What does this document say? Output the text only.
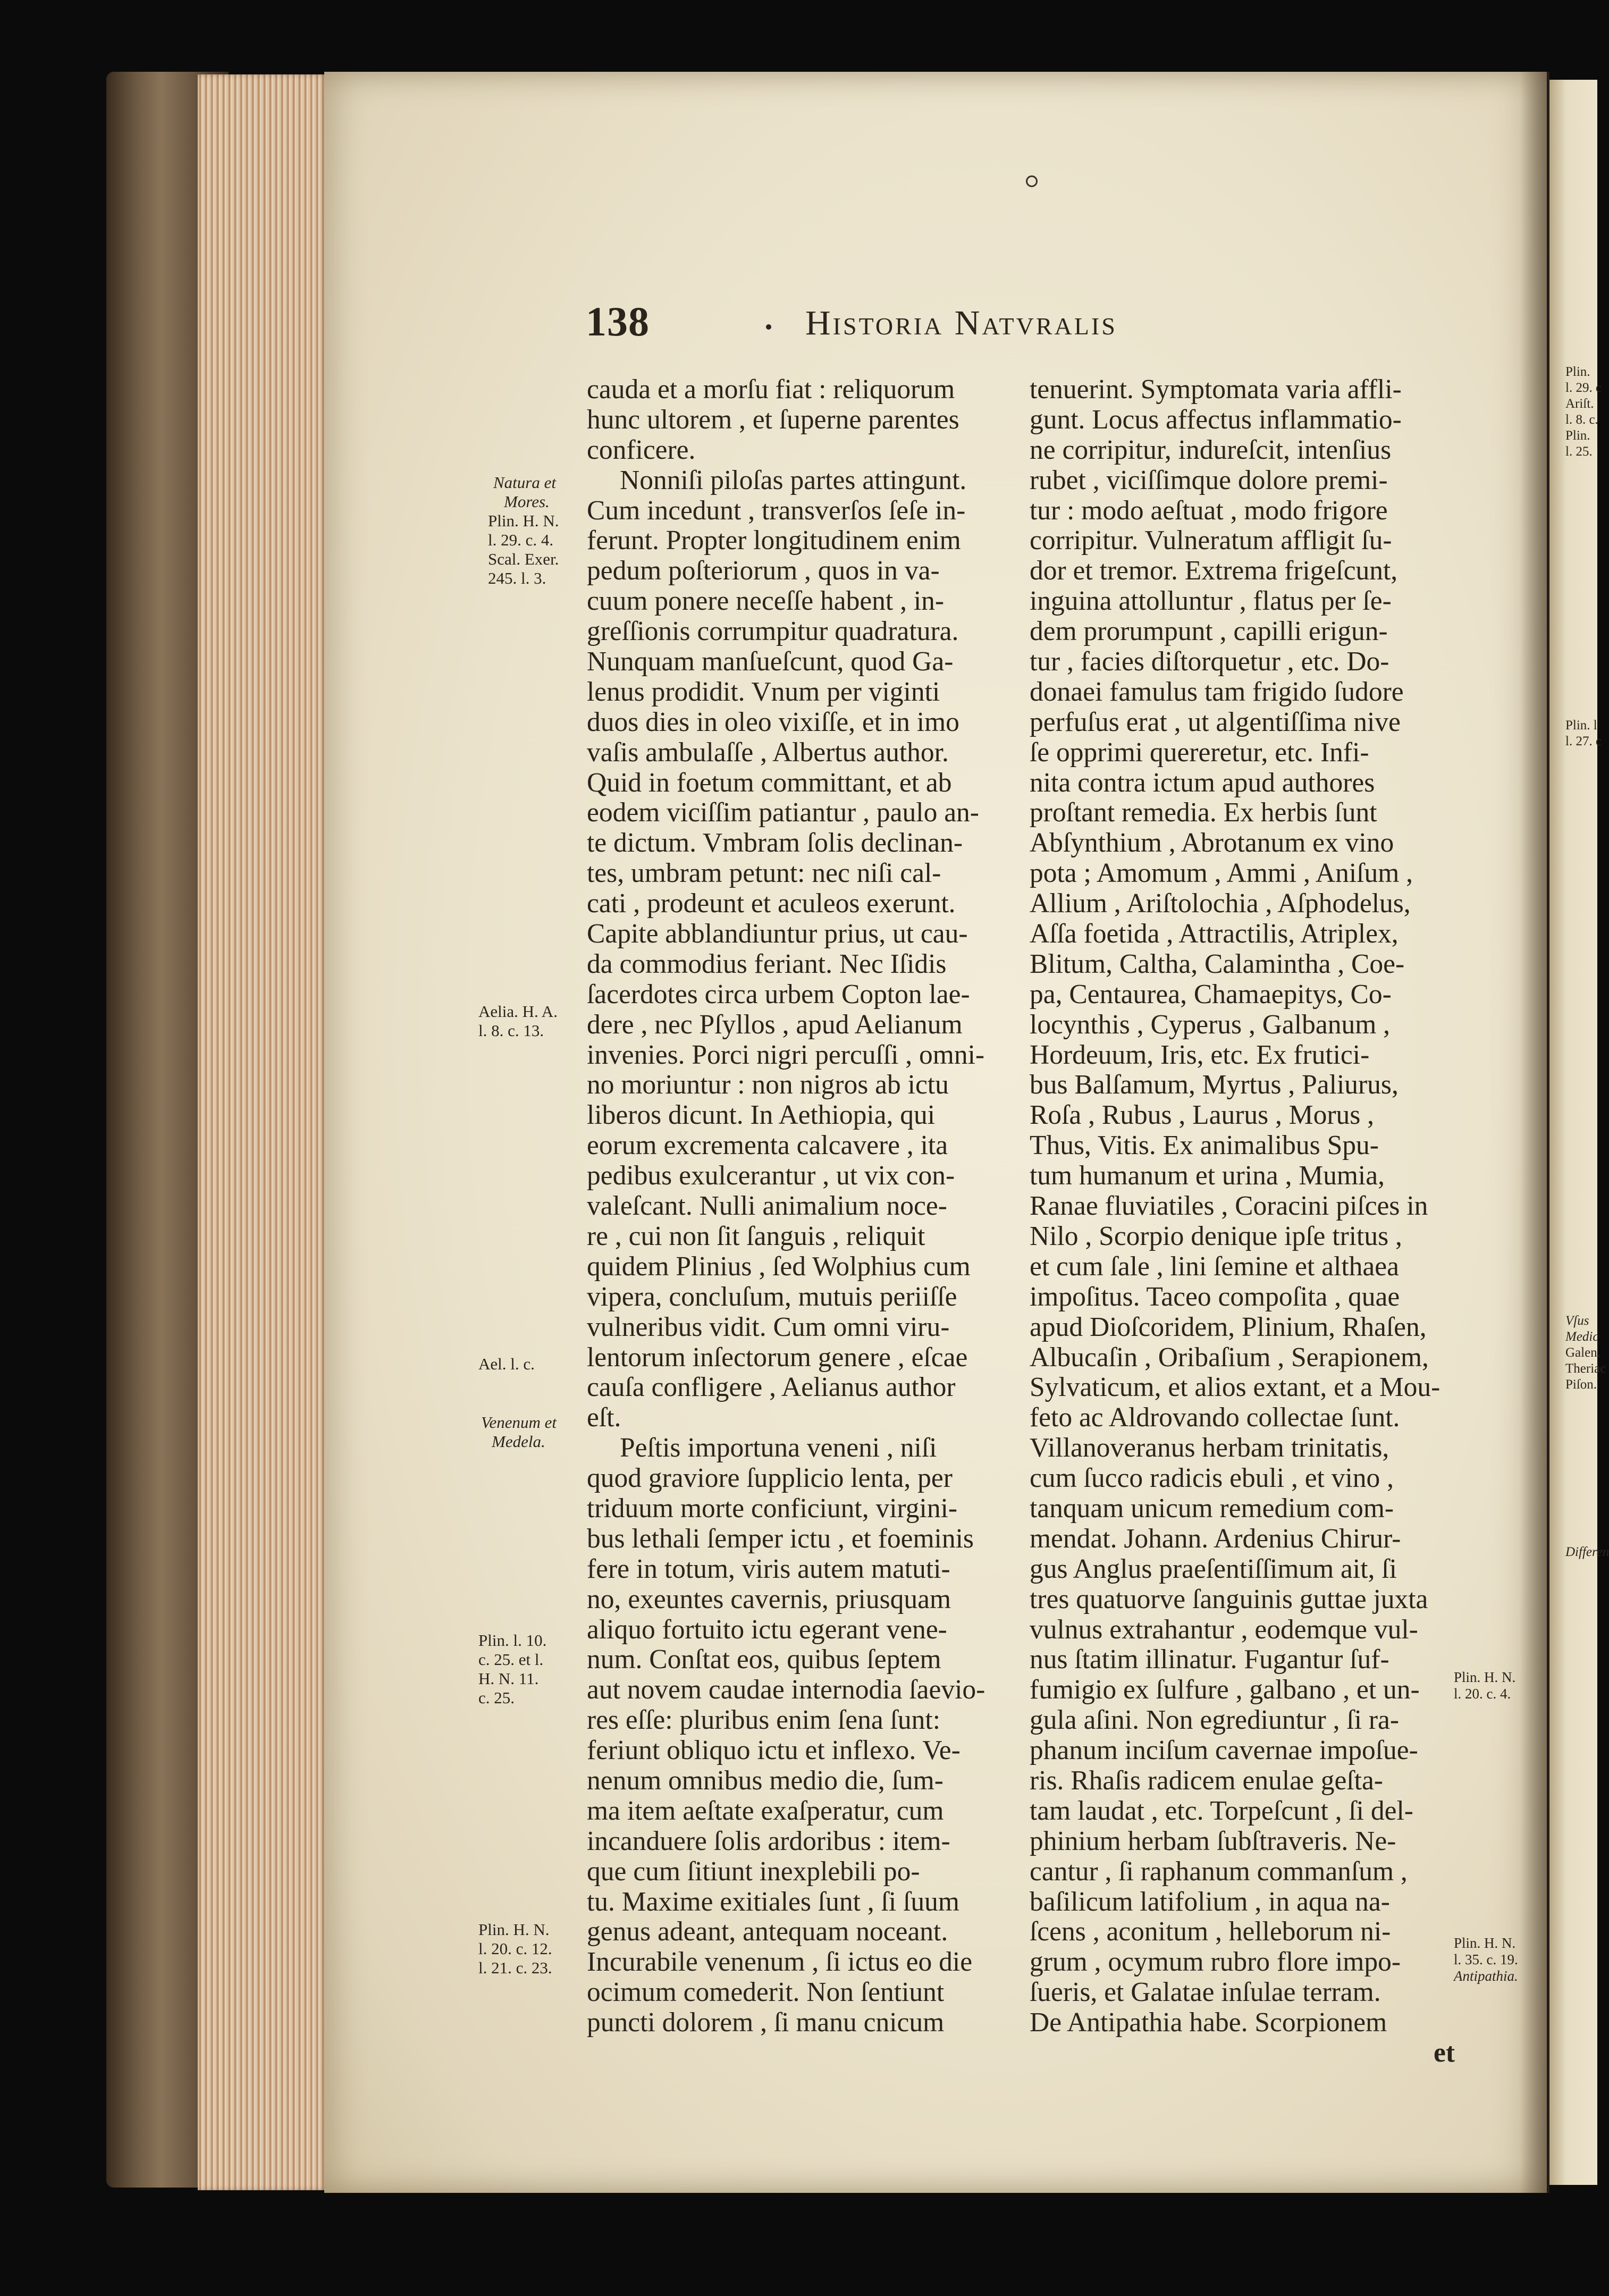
138	Historia Natvralis
cauda et a morſu fiat : reliquorum
hunc ultorem , et ſuperne parentes
conficere.
Nonniſi piloſas partes attingunt.
Cum incedunt , transverſos ſeſe in-
ferunt. Propter longitudinem enim
pedum poſteriorum , quos in va-
cuum ponere neceſſe habent , in-
greſſionis corrumpitur quadratura.
Nunquam manſueſcunt, quod Ga-
lenus prodidit. Vnum per viginti
duos dies in oleo vixiſſe, et in imo
vaſis ambulaſſe , Albertus author.
Quid in foetum committant, et ab
eodem viciſſim patiantur , paulo an-
te dictum. Vmbram ſolis declinan-
tes, umbram petunt: nec niſi cal-
cati , prodeunt et aculeos exerunt.
Capite abblandiuntur prius, ut cau-
da commodius feriant. Nec Iſidis
ſacerdotes circa urbem Copton lae-
dere , nec Pſyllos , apud Aelianum
invenies. Porci nigri percuſſi , omni-
no moriuntur : non nigros ab ictu
liberos dicunt. In Aethiopia, qui
eorum excrementa calcavere , ita
pedibus exulcerantur , ut vix con-
valeſcant. Nulli animalium noce-
re , cui non ſit ſanguis , reliquit
quidem Plinius , ſed Wolphius cum
vipera, concluſum, mutuis periiſſe
vulneribus vidit. Cum omni viru-
lentorum inſectorum genere , eſcae
cauſa confligere , Aelianus author
eſt.
Peſtis importuna veneni , niſi
quod graviore ſupplicio lenta, per
triduum morte conficiunt, virgini-
bus lethali ſemper ictu , et foeminis
fere in totum, viris autem matuti-
no, exeuntes cavernis, priusquam
aliquo fortuito ictu egerant vene-
num. Conſtat eos, quibus ſeptem
aut novem caudae internodia ſaevio-
res eſſe: pluribus enim ſena ſunt:
feriunt obliquo ictu et inflexo. Ve-
nenum omnibus medio die, ſum-
ma item aeſtate exaſperatur, cum
incanduere ſolis ardoribus : item-
que cum ſitiunt inexplebili po-
tu. Maxime exitiales ſunt , ſi ſuum
genus adeant, antequam noceant.
Incurabile venenum , ſi ictus eo die
ocimum comederit. Non ſentiunt
puncti dolorem , ſi manu cnicum
tenuerint. Symptomata varia affli-
gunt. Locus affectus inflammatio-
ne corripitur, indureſcit, intenſius
rubet , viciſſimque dolore premi-
tur : modo aeſtuat , modo frigore
corripitur. Vulneratum affligit ſu-
dor et tremor. Extrema frigeſcunt,
inguina attolluntur , flatus per ſe-
dem prorumpunt , capilli erigun-
tur , facies diſtorquetur , etc. Do-
donaei famulus tam frigido ſudore
perfuſus erat , ut algentiſſima nive
ſe opprimi quereretur, etc. Infi-
nita contra ictum apud authores
proſtant remedia. Ex herbis ſunt
Abſynthium , Abrotanum ex vino
pota ; Amomum , Ammi , Aniſum ,
Allium , Ariſtolochia , Aſphodelus,
Aſſa foetida , Attractilis, Atriplex,
Blitum, Caltha, Calamintha , Coe-
pa, Centaurea, Chamaepitys, Co-
locynthis , Cyperus , Galbanum ,
Hordeuum, Iris, etc. Ex frutici-
bus Balſamum, Myrtus , Paliurus,
Roſa , Rubus , Laurus , Morus ,
Thus, Vitis. Ex animalibus Spu-
tum humanum et urina , Mumia,
Ranae fluviatiles , Coracini piſces in
Nilo , Scorpio denique ipſe tritus ,
et cum ſale , lini ſemine et althaea
impoſitus. Taceo compoſita , quae
apud Dioſcoridem, Plinium, Rhaſen,
Albucaſin , Oribaſium , Serapionem,
Sylvaticum, et alios extant, et a Mou-
feto ac Aldrovando collectae ſunt.
Villanoveranus herbam trinitatis,
cum ſucco radicis ebuli , et vino ,
tanquam unicum remedium com-
mendat. Johann. Ardenius Chirur-
gus Anglus praeſentiſſimum ait, ſi
tres quatuorve ſanguinis guttae juxta
vulnus extrahantur , eodemque vul-
nus ſtatim illinatur. Fugantur ſuf-
fumigio ex ſulfure , galbano , et un-
gula aſini. Non egrediuntur , ſi ra-
phanum inciſum cavernae impoſue-
ris. Rhaſis radicem enulae geſta-
tam laudat , etc. Torpeſcunt , ſi del-
phinium herbam ſubſtraveris. Ne-
cantur , ſi raphanum commanſum ,
baſilicum latifolium , in aqua na-
ſcens , aconitum , helleborum ni-
grum , ocymum rubro flore impo-
ſueris, et Galatae inſulae terram.
De Antipathia habe. Scorpionem
et
Natura et
Mores.
Plin. H. N.
l. 29. c. 4.
Scal. Exer.
245. l. 3.
Aelia. H. A.
l. 8. c. 13.
Ael. l. c.
Venenum et
Medela.
Plin. l. 10.
c. 25. et l.
H. N. 11.
c. 25.
Plin. H. N.
l. 20. c. 12.
l. 21. c. 23.
Plin. H. N.
l. 20. c. 4.
Plin. H. N.
l. 35. c. 19.
Antipathia.
Plin.
l. 29. c
Ariſt.
l. 8. c.
Plin.
l. 25.
Plin. l
l. 27. c
Vſus
Medic
Galen.
Theriac
Piſon.
Differen
